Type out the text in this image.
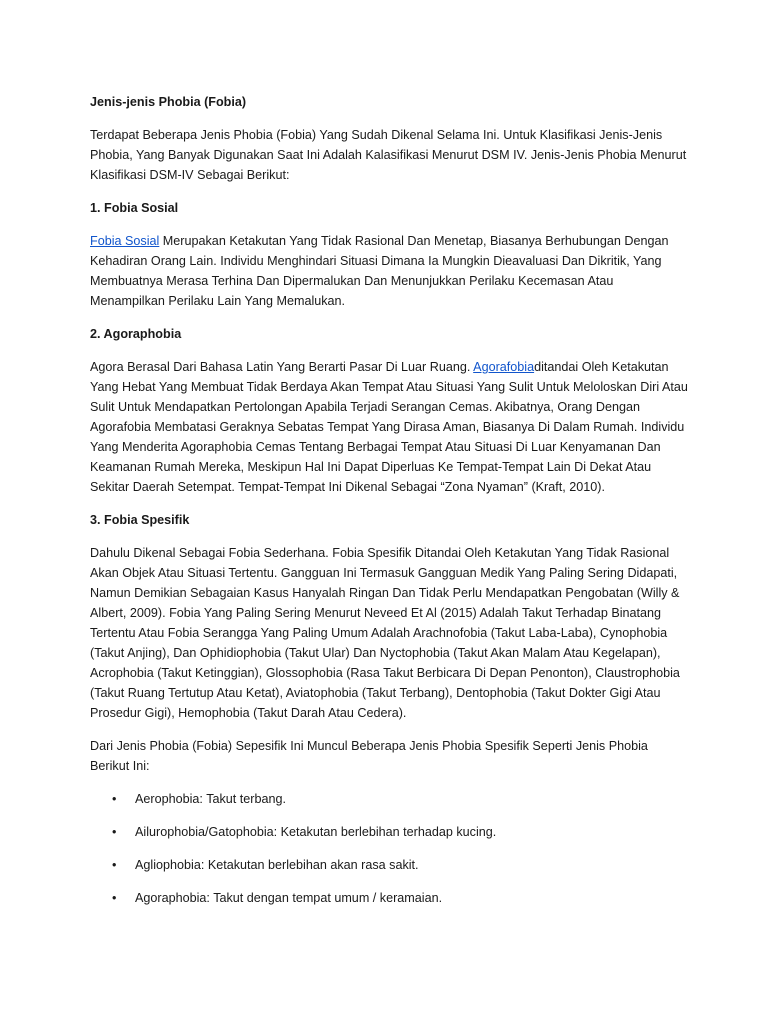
Jenis-jenis Phobia (Fobia)

Terdapat Beberapa Jenis Phobia (Fobia) Yang Sudah Dikenal Selama Ini. Untuk Klasifikasi Jenis-Jenis Phobia, Yang Banyak Digunakan Saat Ini Adalah Kalasifikasi Menurut DSM IV. Jenis-Jenis Phobia Menurut Klasifikasi DSM-IV Sebagai Berikut:

1. Fobia Sosial

Fobia Sosial Merupakan Ketakutan Yang Tidak Rasional Dan Menetap, Biasanya Berhubungan Dengan Kehadiran Orang Lain. Individu Menghindari Situasi Dimana Ia Mungkin Dieavaluasi Dan Dikritik, Yang Membuatnya Merasa Terhina Dan Dipermalukan Dan Menunjukkan Perilaku Kecemasan Atau Menampilkan Perilaku Lain Yang Memalukan.

2. Agoraphobia

Agora Berasal Dari Bahasa Latin Yang Berarti Pasar Di Luar Ruang. Agorafobiaditandai Oleh Ketakutan Yang Hebat Yang Membuat Tidak Berdaya Akan Tempat Atau Situasi Yang Sulit Untuk Meloloskan Diri Atau Sulit Untuk Mendapatkan Pertolongan Apabila Terjadi Serangan Cemas. Akibatnya, Orang Dengan Agorafobia Membatasi Geraknya Sebatas Tempat Yang Dirasa Aman, Biasanya Di Dalam Rumah. Individu Yang Menderita Agoraphobia Cemas Tentang Berbagai Tempat Atau Situasi Di Luar Kenyamanan Dan Keamanan Rumah Mereka, Meskipun Hal Ini Dapat Diperluas Ke Tempat-Tempat Lain Di Dekat Atau Sekitar Daerah Setempat. Tempat-Tempat Ini Dikenal Sebagai “Zona Nyaman” (Kraft, 2010).

3. Fobia Spesifik

Dahulu Dikenal Sebagai Fobia Sederhana. Fobia Spesifik Ditandai Oleh Ketakutan Yang Tidak Rasional Akan Objek Atau Situasi Tertentu. Gangguan Ini Termasuk Gangguan Medik Yang Paling Sering Didapati, Namun Demikian Sebagaian Kasus Hanyalah Ringan Dan Tidak Perlu Mendapatkan Pengobatan (Willy & Albert, 2009). Fobia Yang Paling Sering Menurut Neveed Et Al (2015) Adalah Takut Terhadap Binatang Tertentu Atau Fobia Serangga Yang Paling Umum Adalah Arachnofobia (Takut Laba-Laba), Cynophobia (Takut Anjing), Dan Ophidiophobia (Takut Ular) Dan Nyctophobia (Takut Akan Malam Atau Kegelapan), Acrophobia (Takut Ketinggian), Glossophobia (Rasa Takut Berbicara Di Depan Penonton), Claustrophobia (Takut Ruang Tertutup Atau Ketat), Aviatophobia (Takut Terbang), Dentophobia (Takut Dokter Gigi Atau Prosedur Gigi), Hemophobia (Takut Darah Atau Cedera).

Dari Jenis Phobia (Fobia) Sepesifik Ini Muncul Beberapa Jenis Phobia Spesifik Seperti Jenis Phobia Berikut Ini:

• Aerophobia: Takut terbang.
• Ailurophobia/Gatophobia: Ketakutan berlebihan terhadap kucing.
• Agliophobia: Ketakutan berlebihan akan rasa sakit.
• Agoraphobia: Takut dengan tempat umum / keramaian.
